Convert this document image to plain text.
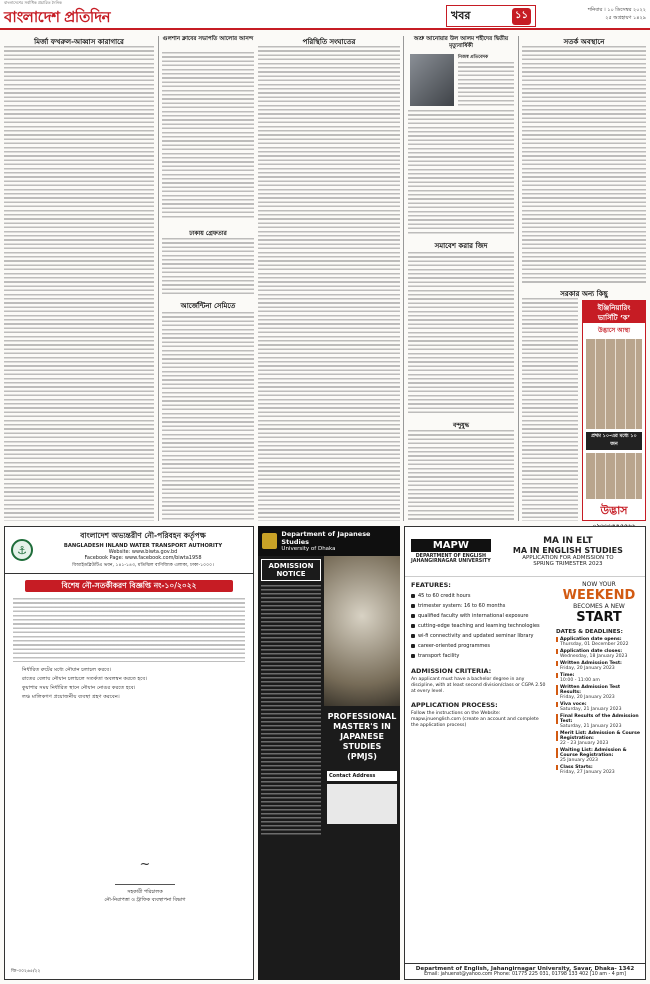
বাংলাদেশের সর্বাধিক প্রচারিত দৈনিক
বাংলাদেশ প্রতিদিন	খবর	১১	শনিবার । ১০ ডিসেম্বর ২০২২
২৫ অগ্রহায়ণ ১৪২৯
মির্জা ফখরুল-আব্বাস কারাগারে	গুলশান ক্লাবের সভাপতি আলোর আনন্দ
ঢাকায় গ্রেফতার
আর্জেন্টিনা সেমিতে
পরিস্থিতি সংঘাতের	অশ্রু আনোয়ার উল আলম শহীদের দ্বিতীয় মৃত্যুবার্ষিকী
নিজস্ব প্রতিবেদক
সমাবেশ করার জিদ
বন্দুযুদ্ধ
সতর্ক অবস্থানে
সরকার অন্য কিছু
ইঞ্জিনিয়ারিং
ভার্সিটি ‘ক’
উদ্ভাসে আস্থা
প্রথম ১০-এর মধ্যে ১০ জন
উদ্ভাস
⚓
বাংলাদেশ অভ্যন্তরীণ নৌ-পরিবহন কর্তৃপক্ষ
BANGLADESH INLAND WATER TRANSPORT AUTHORITY
Website: www.biwta.gov.bd
Facebook Page: www.facebook.com/biwta1958
বিআইডব্লিউটিএ ভবন, ১৪১-১৪৩, মতিঝিল বাণিজ্যিক এলাকা, ঢাকা-১০০০।
বিশেষ নৌ-সতর্কীকরণ বিজ্ঞপ্তি নং-১০/২০২২
নির্ধারিত রুটের মধ্যে নৌযান চলাচল করবে।
রাতের বেলায় নৌযান চলাচলে সতর্কতা অবলম্বন করতে হবে।
কুয়াশার সময় নির্ধারিত স্থানে নৌযান নোঙর করতে হবে।
লঞ্চ মালিকগণ প্রয়োজনীয় ব্যবস্থা গ্রহণ করবেন।
~
সহকারী পরিচালক
নৌ-নিরাপত্তা ও ট্রাফিক ব্যবস্থাপনা বিভাগ
জি-৩০২৬৫/২২
Department of Japanese Studies
University of Dhaka
ADMISSION NOTICE
PROFESSIONAL MASTER'S IN JAPANESE STUDIES (PMJS)
Contact Address
MAPW
DEPARTMENT OF ENGLISH
JAHANGIRNAGAR UNIVERSITY
MA IN ELT
MA IN ENGLISH STUDIES
APPLICATION FOR ADMISSION TO
SPRING TRIMESTER 2023
FEATURES:
45 to 60 credit hours
trimester system: 16 to 60 months
qualified faculty with international exposure
cutting-edge teaching and learning technologies
wi-fi connectivity and updated seminar library
career-oriented programmes
transport facility
ADMISSION CRITERIA:
An applicant must have a bachelor degree in any discipline, with at least second division/class or CGPA 2.50 at every level.
APPLICATION PROCESS:
Follow the instructions on the Website: mapw.jnuenglish.com (create an account and complete the application process)
NOW YOUR
WEEKEND
BECOMES A NEW
START
DATES & DEADLINES:
Application date opens:
Thursday, 01 December 2022
Application date closes:
Wednesday, 18 January 2023
Written Admission Test:
Friday, 20 January 2023
Time:
10:00 - 11:00 am
Written Admission Test Results:
Friday, 20 January 2023
Viva voce:
Saturday, 21 January 2023
Final Results of the Admission Test:
Saturday, 21 January 2023
Merit List: Admission & Course Registration:
22 - 23 January 2023
Waiting List: Admission & Course Registration:
25 January 2023
Class Starts:
Friday, 27 January 2023
Department of English, Jahangirnagar University, Savar, Dhaka- 1342
Email: jahuenst@yahoo.com Phone: 01775 225 031, 01798 133 402 [10 am - 4 pm]
